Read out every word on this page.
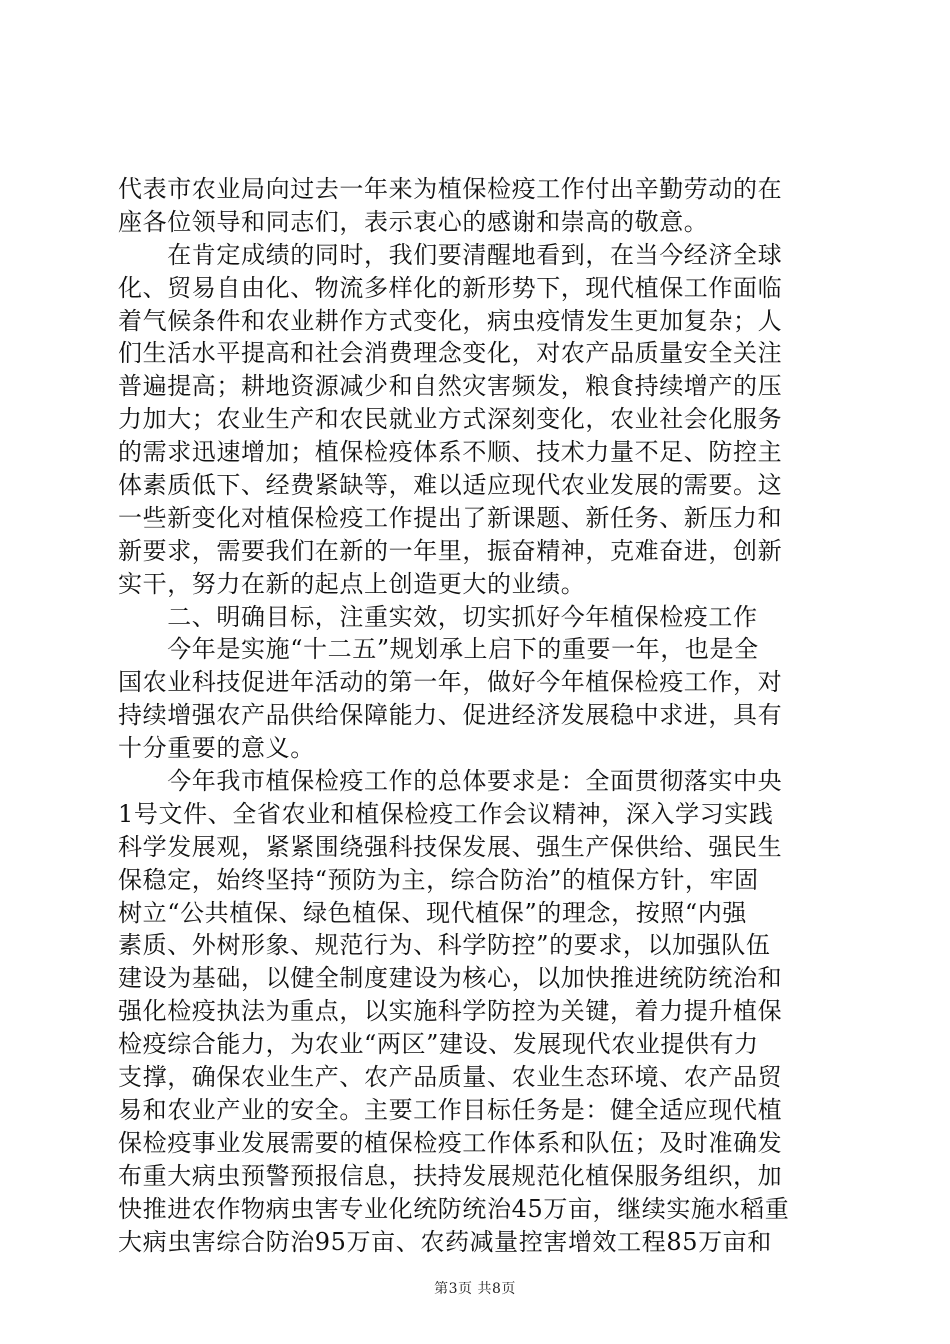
代表市农业局向过去一年来为植保检疫工作付出辛勤劳动的在
座各位领导和同志们，表示衷心的感谢和崇高的敬意。
　　在肯定成绩的同时，我们要清醒地看到，在当今经济全球
化、贸易自由化、物流多样化的新形势下，现代植保工作面临
着气候条件和农业耕作方式变化，病虫疫情发生更加复杂；人
们生活水平提高和社会消费理念变化，对农产品质量安全关注
普遍提高；耕地资源减少和自然灾害频发，粮食持续增产的压
力加大；农业生产和农民就业方式深刻变化，农业社会化服务
的需求迅速增加；植保检疫体系不顺、技术力量不足、防控主
体素质低下、经费紧缺等，难以适应现代农业发展的需要。这
一些新变化对植保检疫工作提出了新课题、新任务、新压力和
新要求，需要我们在新的一年里，振奋精神，克难奋进，创新
实干，努力在新的起点上创造更大的业绩。
　　二、明确目标，注重实效，切实抓好今年植保检疫工作
　　今年是实施“十二五”规划承上启下的重要一年，也是全
国农业科技促进年活动的第一年，做好今年植保检疫工作，对
持续增强农产品供给保障能力、促进经济发展稳中求进，具有
十分重要的意义。
　　今年我市植保检疫工作的总体要求是：全面贯彻落实中央
1号文件、全省农业和植保检疫工作会议精神，深入学习实践
科学发展观，紧紧围绕强科技保发展、强生产保供给、强民生
保稳定，始终坚持“预防为主，综合防治”的植保方针，牢固
树立“公共植保、绿色植保、现代植保”的理念，按照“内强
素质、外树形象、规范行为、科学防控”的要求，以加强队伍
建设为基础，以健全制度建设为核心，以加快推进统防统治和
强化检疫执法为重点，以实施科学防控为关键，着力提升植保
检疫综合能力，为农业“两区”建设、发展现代农业提供有力
支撑，确保农业生产、农产品质量、农业生态环境、农产品贸
易和农业产业的安全。主要工作目标任务是：健全适应现代植
保检疫事业发展需要的植保检疫工作体系和队伍；及时准确发
布重大病虫预警预报信息，扶持发展规范化植保服务组织，加
快推进农作物病虫害专业化统防统治45万亩，继续实施水稻重
大病虫害综合防治95万亩、农药减量控害增效工程85万亩和
第3页 共8页
